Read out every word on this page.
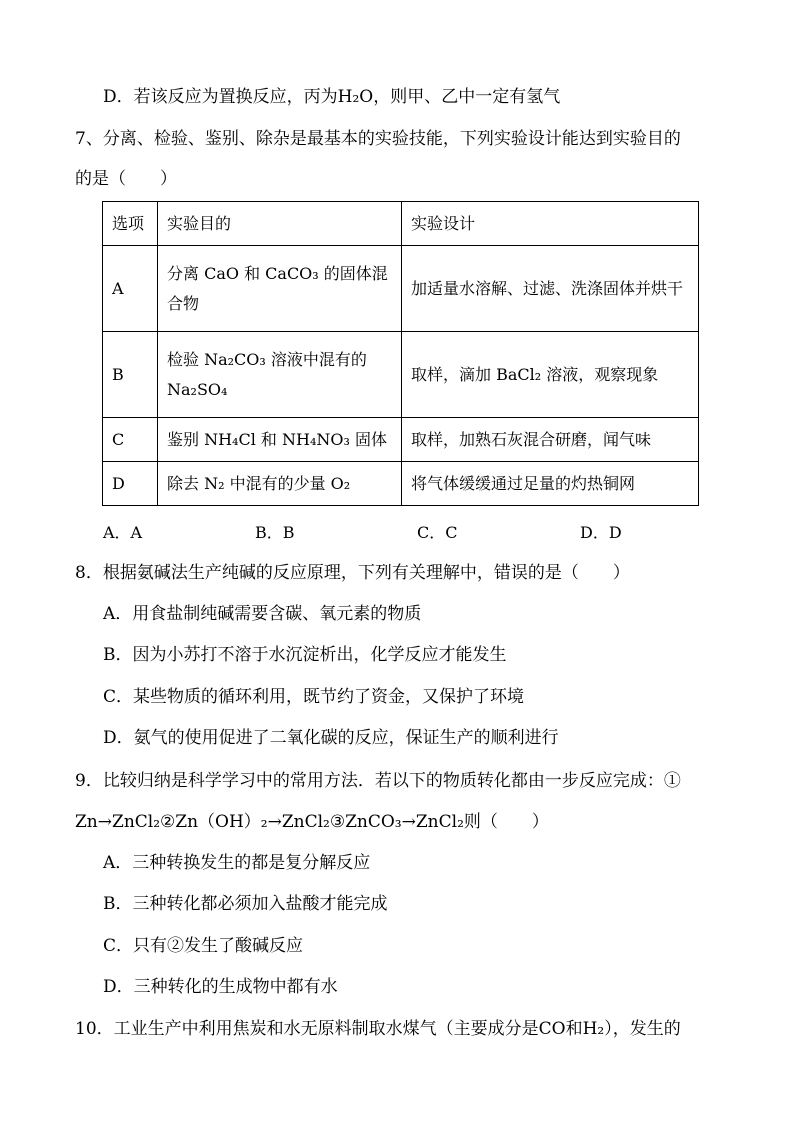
D．若该反应为置换反应，丙为H₂O，则甲、乙中一定有氢气
7、分离、检验、鉴别、除杂是最基本的实验技能，下列实验设计能达到实验目的
的是（　　）
选项	实验目的	实验设计
A	分离 CaO 和 CaCO₃ 的固体混合物	加适量水溶解、过滤、洗涤固体并烘干
B	检验 Na₂CO₃ 溶液中混有的 Na₂SO₄	取样，滴加 BaCl₂ 溶液，观察现象
C	鉴别 NH₄Cl 和 NH₄NO₃ 固体	取样，加熟石灰混合研磨，闻气味
D	除去 N₂ 中混有的少量 O₂	将气体缓缓通过足量的灼热铜网
A．A	B．B	C．C	D．D
8．根据氨碱法生产纯碱的反应原理，下列有关理解中，错误的是（　　）
A．用食盐制纯碱需要含碳、氧元素的物质
B．因为小苏打不溶于水沉淀析出，化学反应才能发生
C．某些物质的循环利用，既节约了资金，又保护了环境
D．氨气的使用促进了二氧化碳的反应，保证生产的顺利进行
9．比较归纳是科学学习中的常用方法．若以下的物质转化都由一步反应完成：①
Zn→ZnCl₂②Zn（OH）₂→ZnCl₂③ZnCO₃→ZnCl₂则（　　）
A．三种转换发生的都是复分解反应
B．三种转化都必须加入盐酸才能完成
C．只有②发生了酸碱反应
D．三种转化的生成物中都有水
10．工业生产中利用焦炭和水无原料制取水煤气（主要成分是CO和H₂），发生的
